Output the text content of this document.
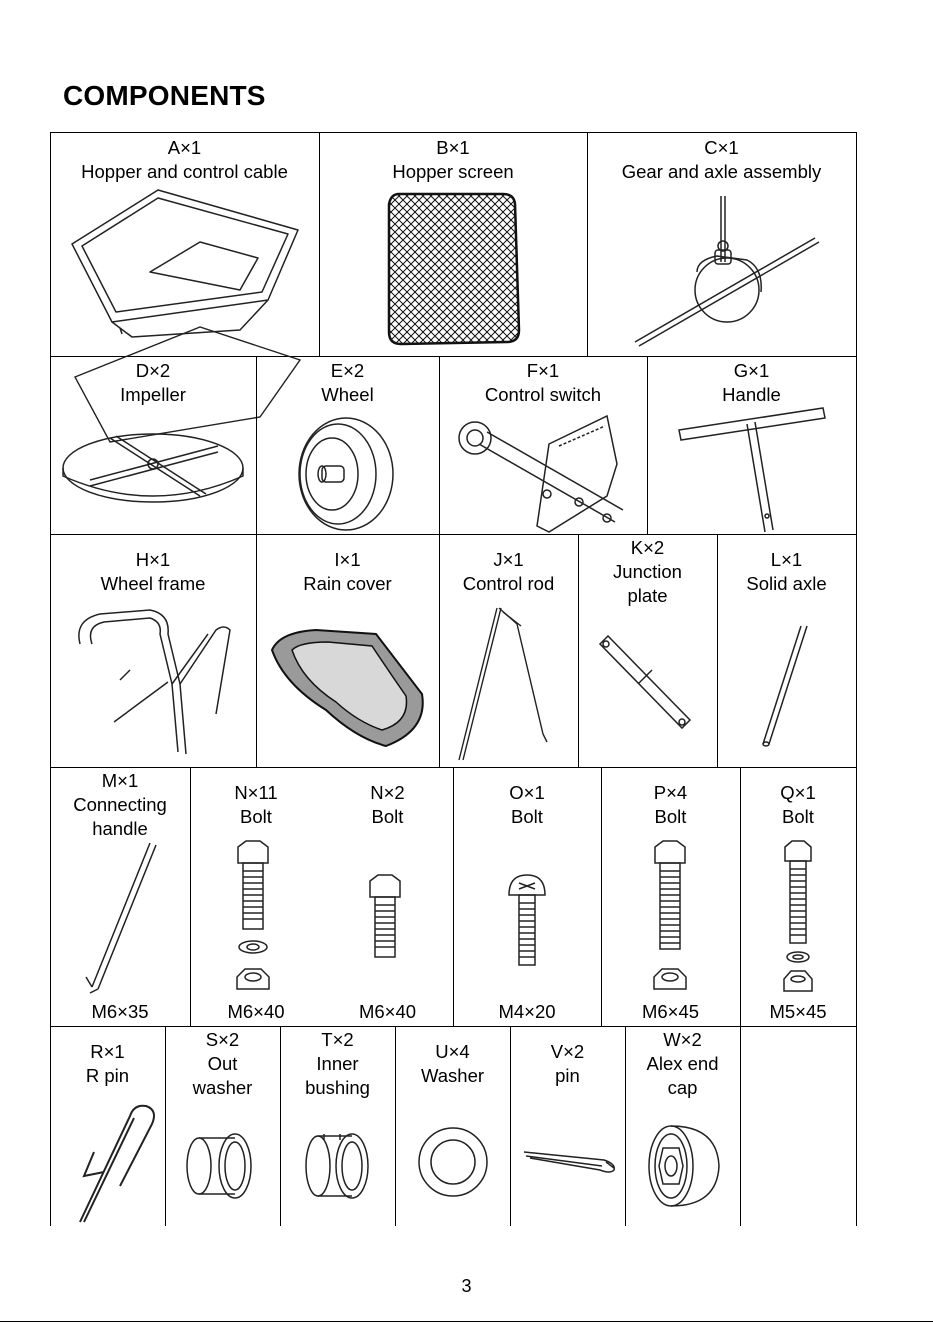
COMPONENTS
A×1
Hopper and control cable
B×1
Hopper screen
C×1
Gear and axle assembly
D×2
Impeller
E×2
Wheel
F×1
Control switch
G×1
Handle
H×1
Wheel frame
I×1
Rain cover
J×1
Control rod
K×2
Junction
plate
L×1
Solid axle
M×1
Connecting
handle
M6×35
N×11
Bolt
M6×40
N×2
Bolt
M6×40
O×1
Bolt
M4×20
P×4
Bolt
M6×45
Q×1
Bolt
M5×45
R×1
R pin
S×2
Out
washer
T×2
Inner
bushing
U×4
Washer
V×2
pin
W×2
Alex end
cap
3
